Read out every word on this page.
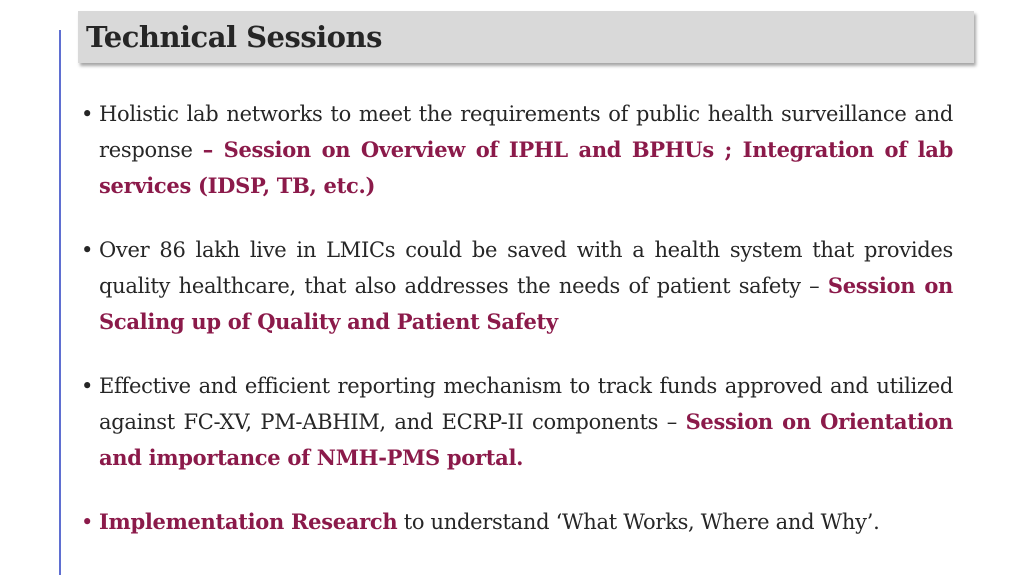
Technical Sessions
• Holistic lab networks to meet the requirements of public health surveillance and response – Session on Overview of IPHL and BPHUs ; Integration of lab services (IDSP, TB, etc.)
• Over 86 lakh live in LMICs could be saved with a health system that provides quality healthcare, that also addresses the needs of patient safety – Session on Scaling up of Quality and Patient Safety
• Effective and efficient reporting mechanism to track funds approved and utilized against FC-XV, PM-ABHIM, and ECRP-II components – Session on Orientation and importance of NMH-PMS portal.
• Implementation Research to understand ‘What Works, Where and Why’.
